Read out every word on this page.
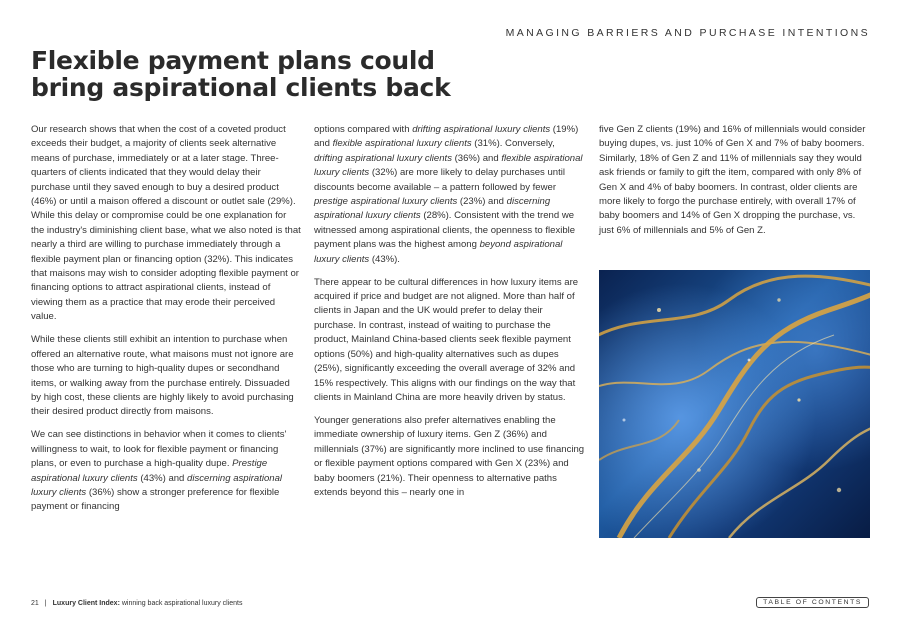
MANAGING BARRIERS AND PURCHASE INTENTIONS
Flexible payment plans could bring aspirational clients back

Our research shows that when the cost of a coveted product exceeds their budget, a majority of clients seek alternative means of purchase, immediately or at a later stage. Three-quarters of clients indicated that they would delay their purchase until they saved enough to buy a desired product (46%) or until a maison offered a discount or outlet sale (29%). While this delay or compromise could be one explanation for the industry's diminishing client base, what we also noted is that nearly a third are willing to purchase immediately through a flexible payment plan or financing option (32%). This indicates that maisons may wish to consider adopting flexible payment or financing options to attract aspirational clients, instead of viewing them as a practice that may erode their perceived value.

While these clients still exhibit an intention to purchase when offered an alternative route, what maisons must not ignore are those who are turning to high-quality dupes or secondhand items, or walking away from the purchase entirely. Dissuaded by high cost, these clients are highly likely to avoid purchasing their desired product directly from maisons.

We can see distinctions in behavior when it comes to clients' willingness to wait, to look for flexible payment or financing plans, or even to purchase a high-quality dupe. Prestige aspirational luxury clients (43%) and discerning aspirational luxury clients (36%) show a stronger preference for flexible payment or financing

options compared with drifting aspirational luxury clients (19%) and flexible aspirational luxury clients (31%). Conversely, drifting aspirational luxury clients (36%) and flexible aspirational luxury clients (32%) are more likely to delay purchases until discounts become available – a pattern followed by fewer prestige aspirational luxury clients (23%) and discerning aspirational luxury clients (28%). Consistent with the trend we witnessed among aspirational clients, the openness to flexible payment plans was the highest among beyond aspirational luxury clients (43%).

There appear to be cultural differences in how luxury items are acquired if price and budget are not aligned. More than half of clients in Japan and the UK would prefer to delay their purchase. In contrast, instead of waiting to purchase the product, Mainland China-based clients seek flexible payment options (50%) and high-quality alternatives such as dupes (25%), significantly exceeding the overall average of 32% and 15% respectively. This aligns with our findings on the way that clients in Mainland China are more heavily driven by status.

Younger generations also prefer alternatives enabling the immediate ownership of luxury items. Gen Z (36%) and millennials (37%) are significantly more inclined to use financing or flexible payment options compared with Gen X (23%) and baby boomers (21%). Their openness to alternative paths extends beyond this – nearly one in

five Gen Z clients (19%) and 16% of millennials would consider buying dupes, vs. just 10% of Gen X and 7% of baby boomers. Similarly, 18% of Gen Z and 11% of millennials say they would ask friends or family to gift the item, compared with only 8% of Gen X and 4% of baby boomers. In contrast, older clients are more likely to forgo the purchase entirely, with overall 17% of baby boomers and 14% of Gen X dropping the purchase, vs. just 6% of millennials and 5% of Gen Z.

21 | Luxury Client Index: winning back aspirational luxury clients	TABLE OF CONTENTS
